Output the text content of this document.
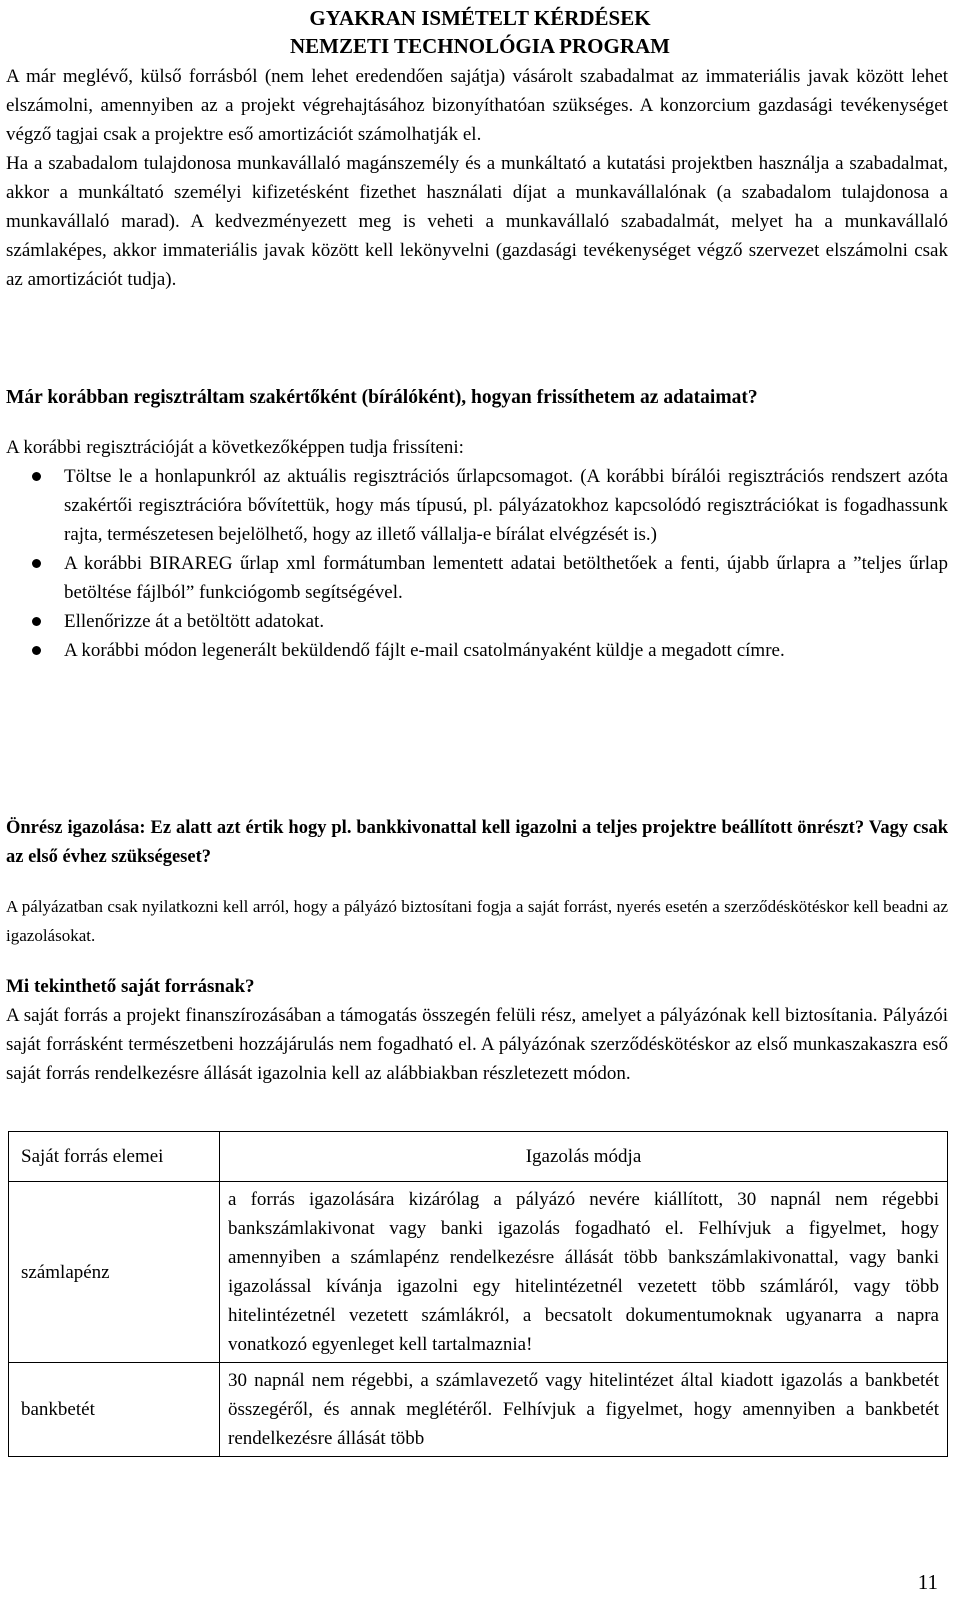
GYAKRAN ISMÉTELT KÉRDÉSEK
NEMZETI TECHNOLÓGIA PROGRAM

A már meglévő, külső forrásból (nem lehet eredendően sajátja) vásárolt szabadalmat az immateriális javak között lehet elszámolni, amennyiben az a projekt végrehajtásához bizonyíthatóan szükséges. A konzorcium gazdasági tevékenységet végző tagjai csak a projektre eső amortizációt számolhatják el.

Ha a szabadalom tulajdonosa munkavállaló magánszemély és a munkáltató a kutatási projektben használja a szabadalmat, akkor a munkáltató személyi kifizetésként fizethet használati díjat a munkavállalónak (a szabadalom tulajdonosa a munkavállaló marad). A kedvezményezett meg is veheti a munkavállaló szabadalmát, melyet ha a munkavállaló számlaképes, akkor immateriális javak között kell lekönyvelni (gazdasági tevékenységet végző szervezet elszámolni csak az amortizációt tudja).

Már korábban regisztráltam szakértőként (bírálóként), hogyan frissíthetem az adataimat?

A korábbi regisztrációját a következőképpen tudja frissíteni:

Töltse le a honlapunkról az aktuális regisztrációs űrlapcsomagot. (A korábbi bírálói regisztrációs rendszert azóta szakértői regisztrációra bővítettük, hogy más típusú, pl. pályázatokhoz kapcsolódó regisztrációkat is fogadhassunk rajta, természetesen bejelölhető, hogy az illető vállalja-e bírálat elvégzését is.)
A korábbi BIRAREG űrlap xml formátumban lementett adatai betölthetőek a fenti, újabb űrlapra a ”teljes űrlap betöltése fájlból” funkciógomb segítségével.
Ellenőrizze át a betöltött adatokat.
A korábbi módon legenerált beküldendő fájlt e-mail csatolmányaként küldje a megadott címre.

Önrész igazolása: Ez alatt azt értik hogy pl. bankkivonattal kell igazolni a teljes projektre beállított önrészt? Vagy csak az első évhez szükségeset?

A pályázatban csak nyilatkozni kell arról, hogy a pályázó biztosítani fogja a saját forrást, nyerés esetén a szerződéskötéskor kell beadni az igazolásokat.

Mi tekinthető saját forrásnak?

A saját forrás a projekt finanszírozásában a támogatás összegén felüli rész, amelyet a pályázónak kell biztosítania. Pályázói saját forrásként természetbeni hozzájárulás nem fogadható el. A pályázónak szerződéskötéskor az első munkaszakaszra eső saját forrás rendelkezésre állását igazolnia kell az alábbiakban részletezett módon.

Saját forrás elemei	Igazolás módja
számlapénz	a forrás igazolására kizárólag a pályázó nevére kiállított, 30 napnál nem régebbi bankszámlakivonat vagy banki igazolás fogadható el. Felhívjuk a figyelmet, hogy amennyiben a számlapénz rendelkezésre állását több bankszámlakivonattal, vagy banki igazolással kívánja igazolni egy hitelintézetnél vezetett több számláról, vagy több hitelintézetnél vezetett számlákról, a becsatolt dokumentumoknak ugyanarra a napra vonatkozó egyenleget kell tartalmaznia!
bankbetét	30 napnál nem régebbi, a számlavezető vagy hitelintézet által kiadott igazolás a bankbetét összegéről, és annak meglétéről. Felhívjuk a figyelmet, hogy amennyiben a bankbetét rendelkezésre állását több
11
